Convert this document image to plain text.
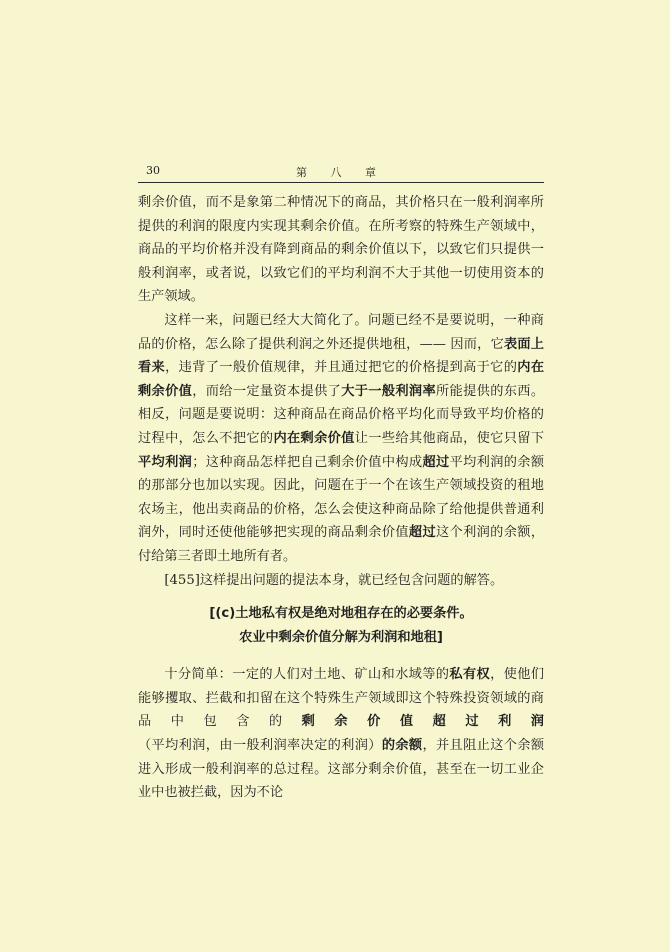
30	第 八 章

剩余价值，而不是象第二种情况下的商品，其价格只在一般利润率所提供的利润的限度内实现其剩余价值。在所考察的特殊生产领域中，商品的平均价格并没有降到商品的剩余价值以下，以致它们只提供一般利润率，或者说，以致它们的平均利润不大于其他一切使用资本的生产领域。

这样一来，问题已经大大简化了。问题已经不是要说明，一种商品的价格，怎么除了提供利润之外还提供地租，—— 因而，它表面上看来，违背了一般价值规律，并且通过把它的价格提到高于它的内在剩余价值，而给一定量资本提供了大于一般利润率所能提供的东西。相反，问题是要说明：这种商品在商品价格平均化而导致平均价格的过程中，怎么不把它的内在剩余价值让一些给其他商品，使它只留下平均利润；这种商品怎样把自己剩余价值中构成超过平均利润的余额的那部分也加以实现。因此，问题在于一个在该生产领域投资的租地农场主，他出卖商品的价格，怎么会使这种商品除了给他提供普通利润外，同时还使他能够把实现的商品剩余价值超过这个利润的余额，付给第三者即土地所有者。

[455]这样提出问题的提法本身，就已经包含问题的解答。

[(c)土地私有权是绝对地租存在的必要条件。
农业中剩余价值分解为利润和地租]

十分简单：一定的人们对土地、矿山和水域等的私有权，使他们能够攫取、拦截和扣留在这个特殊生产领域即这个特殊投资领域的商品中包含的剩余价值超过利润（平均利润，由一般利润率决定的利润）的余额，并且阻止这个余额进入形成一般利润率的总过程。这部分剩余价值，甚至在一切工业企业中也被拦截，因为不论
